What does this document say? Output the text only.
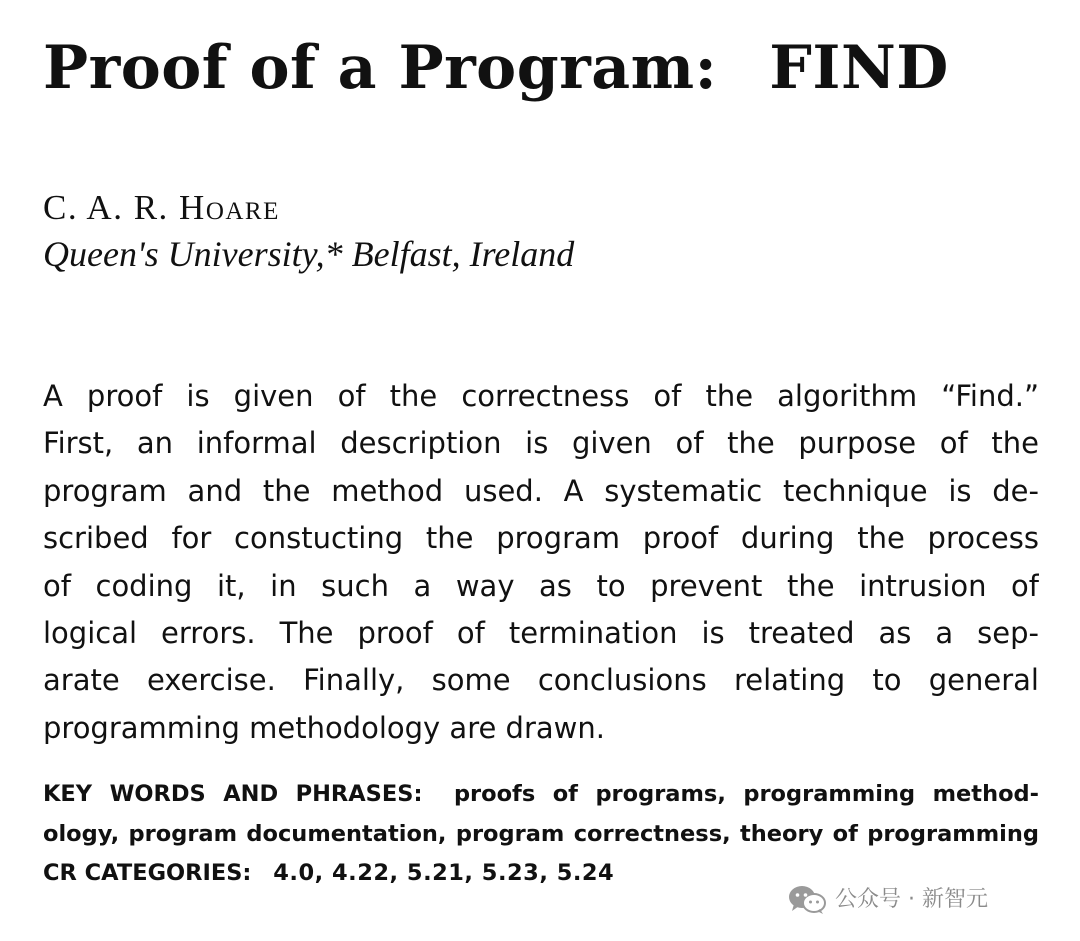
Proof of a Program: FIND
C. A. R. Hoare
Queen's University,* Belfast, Ireland
A proof is given of the correctness of the algorithm “Find.”
First, an informal description is given of the purpose of the
program and the method used. A systematic technique is de-
scribed for constucting the program proof during the process
of coding it, in such a way as to prevent the intrusion of
logical errors. The proof of termination is treated as a sep-
arate exercise. Finally, some conclusions relating to general
programming methodology are drawn.
KEY WORDS AND PHRASES: proofs of programs, programming method-
ology, program documentation, program correctness, theory of programming
CR CATEGORIES: 4.0, 4.22, 5.21, 5.23, 5.24
公众号 · 新智元
